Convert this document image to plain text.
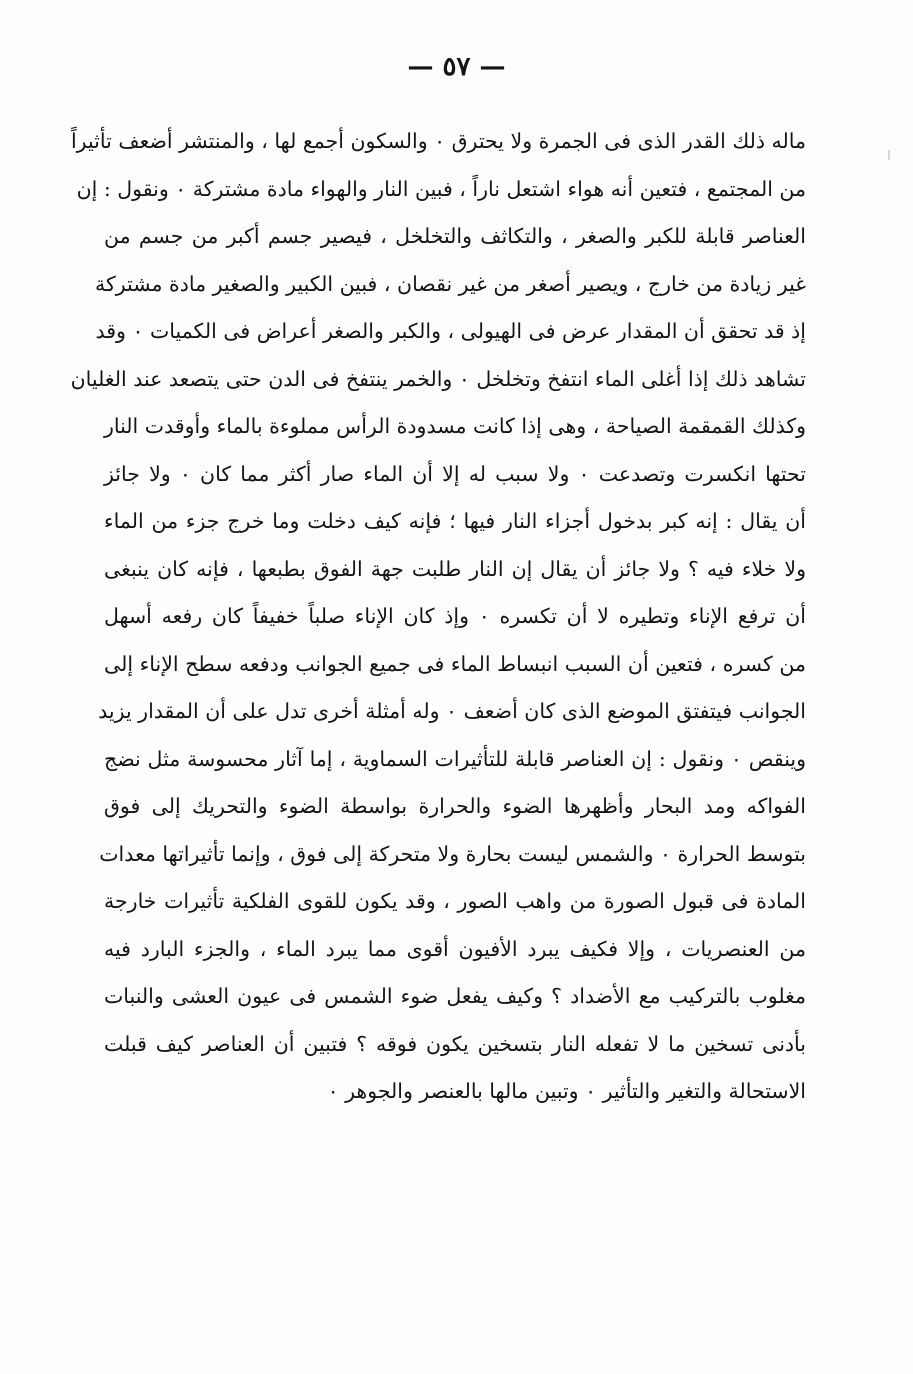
— ٥٧ —
ماله ذلك القدر الذى فى الجمرة ولا يحترق ٠ والسكون أجمع لها ، والمنتشر أضعف تأثيراً
من المجتمع ، فتعين أنه هواء اشتعل ناراً ، فبين النار والهواء مادة مشتركة ٠ ونقول : إن
العناصر قابلة للكبر والصغر ، والتكاثف والتخلخل ، فيصير جسم أكبر من جسم من
غير زيادة من خارج ، ويصير أصغر من غير نقصان ، فبين الكبير والصغير مادة مشتركة
إذ قد تحقق أن المقدار عرض فى الهيولى ، والكبر والصغر أعراض فى الكميات ٠ وقد
تشاهد ذلك إذا أغلى الماء انتفخ وتخلخل ٠ والخمر ينتفخ فى الدن حتى يتصعد عند الغليان
وكذلك القمقمة الصياحة ، وهى إذا كانت مسدودة الرأس مملوءة بالماء وأوقدت النار
تحتها انكسرت وتصدعت ٠ ولا سبب له إلا أن الماء صار أكثر مما كان ٠ ولا جائز
أن يقال : إنه كبر بدخول أجزاء النار فيها ؛ فإنه كيف دخلت وما خرج جزء من الماء
ولا خلاء فيه ؟ ولا جائز أن يقال إن النار طلبت جهة الفوق بطبعها ، فإنه كان ينبغى
أن ترفع الإناء وتطيره لا أن تكسره ٠ وإذ كان الإناء صلباً خفيفاً كان رفعه أسهل
من كسره ، فتعين أن السبب انبساط الماء فى جميع الجوانب ودفعه سطح الإناء إلى
الجوانب فيتفتق الموضع الذى كان أضعف ٠ وله أمثلة أخرى تدل على أن المقدار يزيد
وينقص ٠ ونقول : إن العناصر قابلة للتأثيرات السماوية ، إما آثار محسوسة مثل نضج
الفواكه ومد البحار وأظهرها الضوء والحرارة بواسطة الضوء والتحريك إلى فوق
بتوسط الحرارة ٠ والشمس ليست بحارة ولا متحركة إلى فوق ، وإنما تأثيراتها معدات
المادة فى قبول الصورة من واهب الصور ، وقد يكون للقوى الفلكية تأثيرات خارجة
من العنصريات ، وإلا فكيف يبرد الأفيون أقوى مما يبرد الماء ، والجزء البارد فيه
مغلوب بالتركيب مع الأضداد ؟ وكيف يفعل ضوء الشمس فى عيون العشى والنبات
بأدنى تسخين ما لا تفعله النار بتسخين يكون فوقه ؟ فتبين أن العناصر كيف قبلت
الاستحالة والتغير والتأثير ٠ وتبين مالها بالعنصر والجوهر ٠
